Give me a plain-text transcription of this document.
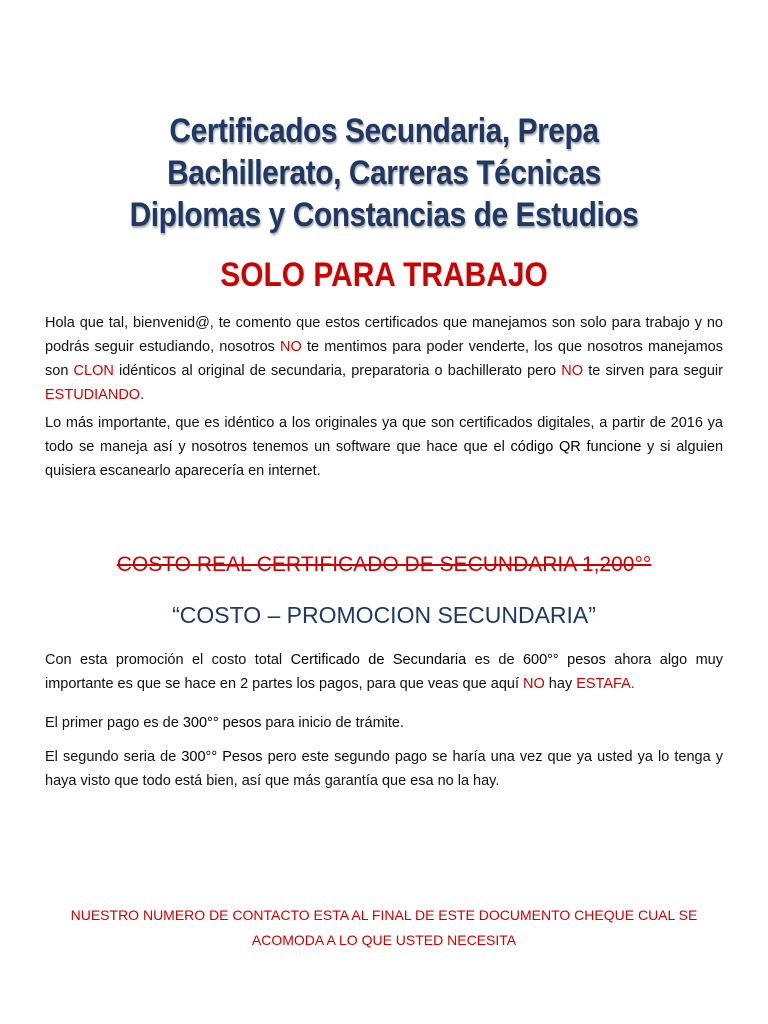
Certificados Secundaria, Prepa
Bachillerato, Carreras Técnicas
Diplomas y Constancias de Estudios
SOLO PARA TRABAJO

Hola que tal, bienvenid@, te comento que estos certificados que manejamos son solo para trabajo y no podrás seguir estudiando, nosotros NO te mentimos para poder venderte, los que nosotros manejamos son CLON idénticos al original de secundaria, preparatoria o bachillerato pero NO te sirven para seguir ESTUDIANDO.

Lo más importante, que es idéntico a los originales ya que son certificados digitales, a partir de 2016 ya todo se maneja así y nosotros tenemos un software que hace que el código QR funcione y si alguien quisiera escanearlo aparecería en internet.

COSTO REAL CERTIFICADO DE SECUNDARIA 1,200°°
“COSTO – PROMOCION SECUNDARIA”

Con esta promoción el costo total Certificado de Secundaria es de 600°° pesos ahora algo muy importante es que se hace en 2 partes los pagos, para que veas que aquí NO hay ESTAFA.

El primer pago es de 300°° pesos para inicio de trámite.

El segundo seria de 300°° Pesos pero este segundo pago se haría una vez que ya usted ya lo tenga y haya visto que todo está bien, así que más garantía que esa no la hay.

NUESTRO NUMERO DE CONTACTO ESTA AL FINAL DE ESTE DOCUMENTO CHEQUE CUAL SE
ACOMODA A LO QUE USTED NECESITA
